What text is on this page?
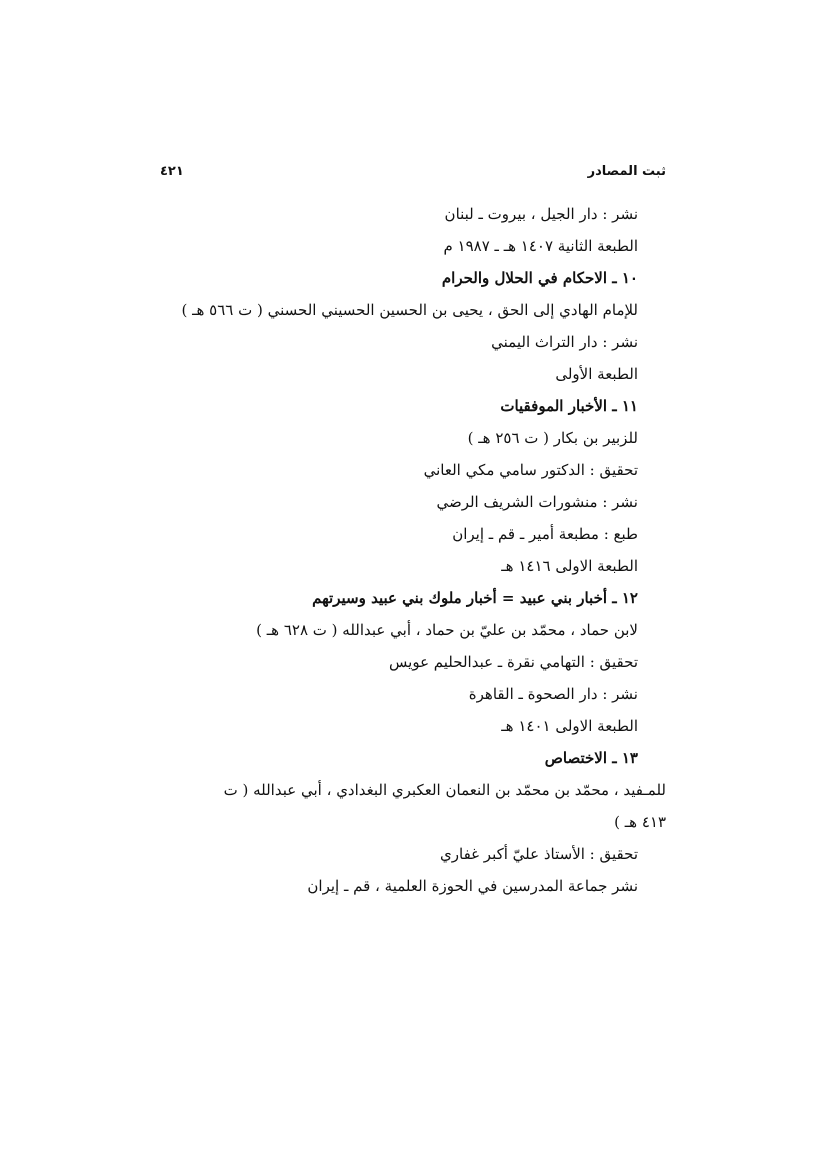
ثبت المصادر
٤٢١
نشر : دار الجيل ، بيروت ـ لبنان
الطبعة الثانية ١٤٠٧ هـ ـ ١٩٨٧ م
١٠ ـ الاحكام في الحلال والحرام
للإمام الهادي إلى الحق ، يحيى بن الحسين الحسيني الحسني ( ت ٥٦٦ هـ )
نشر : دار التراث اليمني
الطبعة الأولى
١١ ـ الأخبار الموفقيات
للزبير بن بكار ( ت ٢٥٦ هـ )
تحقيق : الدكتور سامي مكي العاني
نشر : منشورات الشريف الرضي
طبع : مطبعة أمير ـ قم ـ إيران
الطبعة الاولى ١٤١٦ هـ
١٢ ـ أخبار بني عبيد = أخبار ملوك بني عبيد وسيرتهم
لابن حماد ، محمّد بن عليّ بن حماد ، أبي عبدالله ( ت ٦٢٨ هـ )
تحقيق : التهامي نقرة ـ عبدالحليم عويس
نشر : دار الصحوة ـ القاهرة
الطبعة الاولى ١٤٠١ هـ
١٣ ـ الاختصاص
للمـفيد ، محمّد بن محمّد بن النعمان العكبري البغدادي ، أبي عبدالله ( ت
٤١٣ هـ )
تحقيق : الأستاذ عليّ أكبر غفاري
نشر جماعة المدرسين في الحوزة العلمية ، قم ـ إيران
